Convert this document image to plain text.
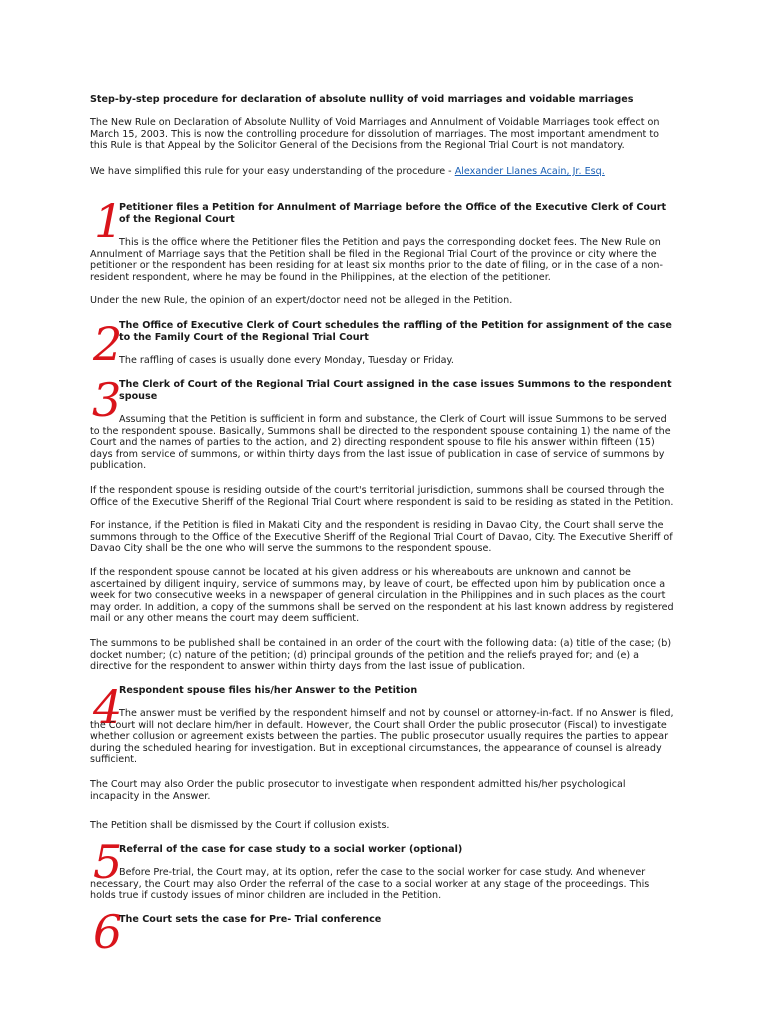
Step-by-step procedure for declaration of absolute nullity of void marriages and voidable marriages

The New Rule on Declaration of Absolute Nullity of Void Marriages and Annulment of Voidable Marriages took effect on March 15, 2003. This is now the controlling procedure for dissolution of marriages. The most important amendment to this Rule is that Appeal by the Solicitor General of the Decisions from the Regional Trial Court is not mandatory.

We have simplified this rule for your easy understanding of the procedure - Alexander Llanes Acain, Jr. Esq.

1

Petitioner files a Petition for Annulment of Marriage before the Office of the Executive Clerk of Court of the Regional Court

This is the office where the Petitioner files the Petition and pays the corresponding docket fees. The New Rule on Annulment of Marriage says that the Petition shall be filed in the Regional Trial Court of the province or city where the petitioner or the respondent has been residing for at least six months prior to the date of filing, or in the case of a non-resident respondent, where he may be found in the Philippines, at the election of the petitioner.

Under the new Rule, the opinion of an expert/doctor need not be alleged in the Petition.

2

The Office of Executive Clerk of Court schedules the raffling of the Petition for assignment of the case to the Family Court of the Regional Trial Court

The raffling of cases is usually done every Monday, Tuesday or Friday.

3

The Clerk of Court of the Regional Trial Court assigned in the case issues Summons to the respondent spouse

Assuming that the Petition is sufficient in form and substance, the Clerk of Court will issue Summons to be served to the respondent spouse. Basically, Summons shall be directed to the respondent spouse containing 1) the name of the Court and the names of parties to the action, and 2) directing respondent spouse to file his answer within fifteen (15) days from service of summons, or within thirty days from the last issue of publication in case of service of summons by publication.

If the respondent spouse is residing outside of the court's territorial jurisdiction, summons shall be coursed through the Office of the Executive Sheriff of the Regional Trial Court where respondent is said to be residing as stated in the Petition.

For instance, if the Petition is filed in Makati City and the respondent is residing in Davao City, the Court shall serve the summons through to the Office of the Executive Sheriff of the Regional Trial Court of Davao, City. The Executive Sheriff of Davao City shall be the one who will serve the summons to the respondent spouse.

If the respondent spouse cannot be located at his given address or his whereabouts are unknown and cannot be ascertained by diligent inquiry, service of summons may, by leave of court, be effected upon him by publication once a week for two consecutive weeks in a newspaper of general circulation in the Philippines and in such places as the court may order. In addition, a copy of the summons shall be served on the respondent at his last known address by registered mail or any other means the court may deem sufficient.

The summons to be published shall be contained in an order of the court with the following data: (a) title of the case; (b) docket number; (c) nature of the petition; (d) principal grounds of the petition and the reliefs prayed for; and (e) a directive for the respondent to answer within thirty days from the last issue of publication.

4

Respondent spouse files his/her Answer to the Petition

The answer must be verified by the respondent himself and not by counsel or attorney-in-fact. If no Answer is filed, the Court will not declare him/her in default. However, the Court shall Order the public prosecutor (Fiscal) to investigate whether collusion or agreement exists between the parties. The public prosecutor usually requires the parties to appear during the scheduled hearing for investigation. But in exceptional circumstances, the appearance of counsel is already sufficient.

The Court may also Order the public prosecutor to investigate when respondent admitted his/her psychological incapacity in the Answer.

The Petition shall be dismissed by the Court if collusion exists.

5

Referral of the case for case study to a social worker (optional)

Before Pre-trial, the Court may, at its option, refer the case to the social worker for case study. And whenever necessary, the Court may also Order the referral of the case to a social worker at any stage of the proceedings. This holds true if custody issues of minor children are included in the Petition.

6

The Court sets the case for Pre- Trial conference
